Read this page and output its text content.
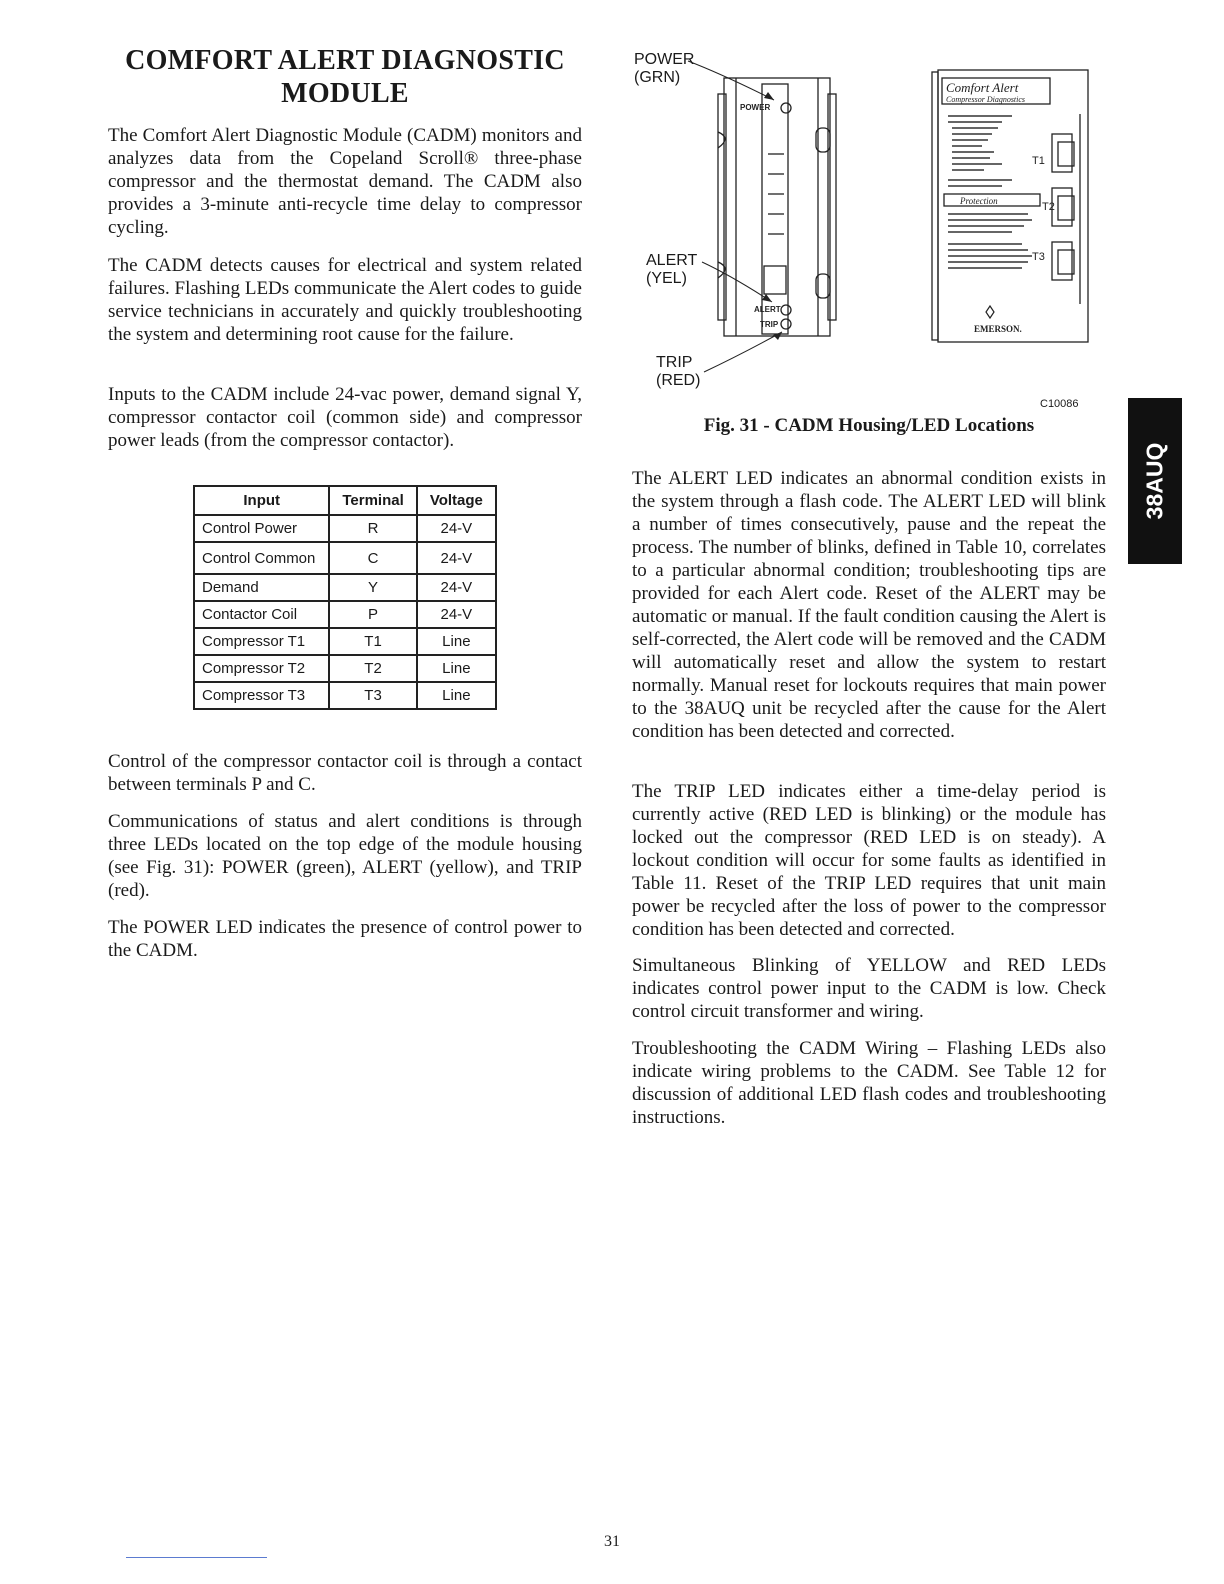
COMFORT ALERT DIAGNOSTIC
MODULE

The Comfort Alert Diagnostic Module (CADM) monitors and analyzes data from the Copeland Scroll® three-phase compressor and the thermostat demand. The CADM also provides a 3-minute anti-recycle time delay to compressor cycling.

The CADM detects causes for electrical and system related failures. Flashing LEDs communicate the Alert codes to guide service technicians in accurately and quickly troubleshooting the system and determining root cause for the failure.

Inputs to the CADM include 24-vac power, demand signal Y, compressor contactor coil (common side) and compressor power leads (from the compressor contactor).

Input	Terminal	Voltage
Control Power	R	24-V
Control Common	C	24-V
Demand	Y	24-V
Contactor Coil	P	24-V
Compressor T1	T1	Line
Compressor T2	T2	Line
Compressor T3	T3	Line

Control of the compressor contactor coil is through a contact between terminals P and C.

Communications of status and alert conditions is through three LEDs located on the top edge of the module housing (see Fig. 31): POWER (green), ALERT (yellow), and TRIP (red).

The POWER LED indicates the presence of control power to the CADM.

POWER
ALERT
TRIP
Comfort Alert
Compressor Diagnostics
Protection
T1
T2
T3
EMERSON.
POWER
(GRN)
ALERT
(YEL)
TRIP
(RED)
C10086
Fig. 31 - CADM Housing/LED Locations

The ALERT LED indicates an abnormal condition exists in the system through a flash code. The ALERT LED will blink a number of times consecutively, pause and the repeat the process. The number of blinks, defined in Table 10, correlates to a particular abnormal condition; troubleshooting tips are provided for each Alert code. Reset of the ALERT may be automatic or manual. If the fault condition causing the Alert is self-corrected, the Alert code will be removed and the CADM will automatically reset and allow the system to restart normally. Manual reset for lockouts requires that main power to the 38AUQ unit be recycled after the cause for the Alert condition has been detected and corrected.

The TRIP LED indicates either a time-delay period is currently active (RED LED is blinking) or the module has locked out the compressor (RED LED is on steady). A lockout condition will occur for some faults as identified in Table 11. Reset of the TRIP LED requires that unit main power be recycled after the loss of power to the compressor condition has been detected and corrected.

Simultaneous Blinking of YELLOW and RED LEDs indicates control power input to the CADM is low. Check control circuit transformer and wiring.

Troubleshooting the CADM Wiring – Flashing LEDs also indicate wiring problems to the CADM. See Table 12 for discussion of additional LED flash codes and troubleshooting instructions.

38AUQ
31
